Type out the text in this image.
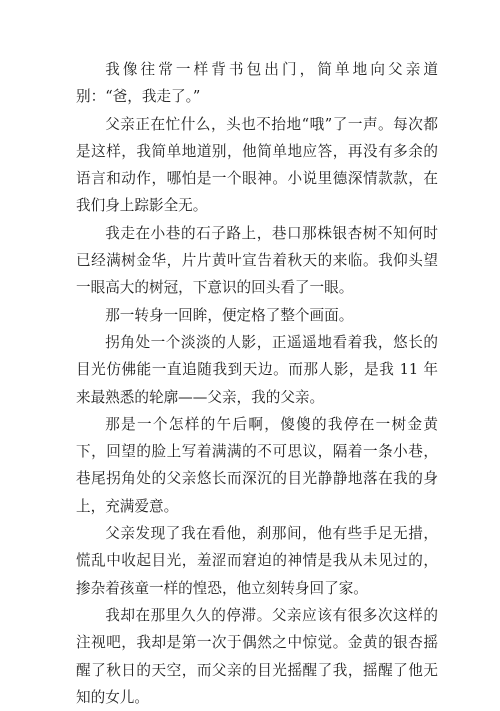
我像往常一样背书包出门，简单地向父亲道别：“爸，我走了。”

父亲正在忙什么，头也不抬地“哦”了一声。每次都是这样，我简单地道别，他简单地应答，再没有多余的语言和动作，哪怕是一个眼神。小说里德深情款款，在我们身上踪影全无。

我走在小巷的石子路上，巷口那株银杏树不知何时已经满树金华，片片黄叶宣告着秋天的来临。我仰头望一眼高大的树冠，下意识的回头看了一眼。

那一转身一回眸，便定格了整个画面。

拐角处一个淡淡的人影，正遥遥地看着我，悠长的目光仿佛能一直追随我到天边。而那人影，是我 11 年来最熟悉的轮廓——父亲，我的父亲。

那是一个怎样的午后啊，傻傻的我停在一树金黄下，回望的脸上写着满满的不可思议，隔着一条小巷，巷尾拐角处的父亲悠长而深沉的目光静静地落在我的身上，充满爱意。

父亲发现了我在看他，刹那间，他有些手足无措，慌乱中收起目光，羞涩而窘迫的神情是我从未见过的，掺杂着孩童一样的惶恐，他立刻转身回了家。

我却在那里久久的停滞。父亲应该有很多次这样的注视吧，我却是第一次于偶然之中惊觉。金黄的银杏摇醒了秋日的天空，而父亲的目光摇醒了我，摇醒了他无知的女儿。
